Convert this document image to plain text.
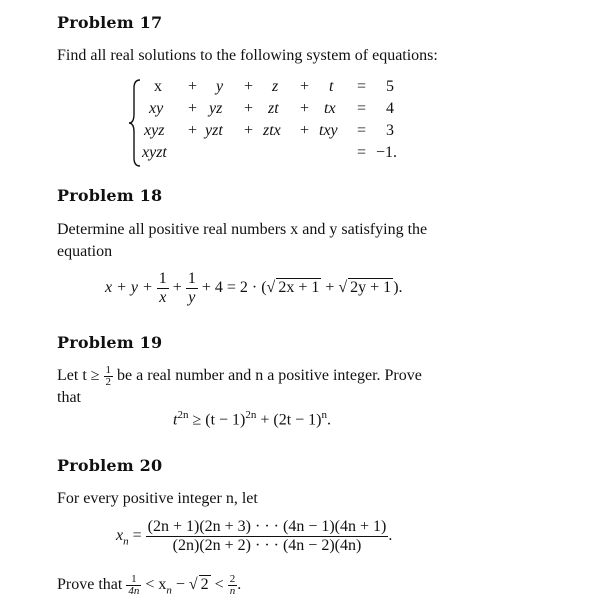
Problem 17
Find all real solutions to the following system of equations:
x + y + z + t = 5
xy + yz + zt + tx = 4
xyz + yzt + ztx + txy = 3
xyzt	= −1.
Problem 18
Determine all positive real numbers x and y satisfying the
equation
$x + y + \frac{1}{x} + \frac{1}{y} + 4 = 2$ · (√ 2x + 1 + √ 2y + 1 ).
Problem 19
Let $t \ge \frac{1}{2}$ be a real number and n a positive integer. Prove
that
$t^{2n} \ge (t - 1)^{2n} + (2t - 1)^n$.
Problem 20
For every positive integer n, let
$x_n = \frac{(2n + 1)(2n + 3) \cdot \cdot \cdot (4n - 1)(4n + 1)}{(2n)(2n + 2) \cdot \cdot \cdot (4n - 2)(4n)}$ .
Prove that $\frac{1}{4n} < x_n$ − √ $2 < \frac{2}{n}$ .
